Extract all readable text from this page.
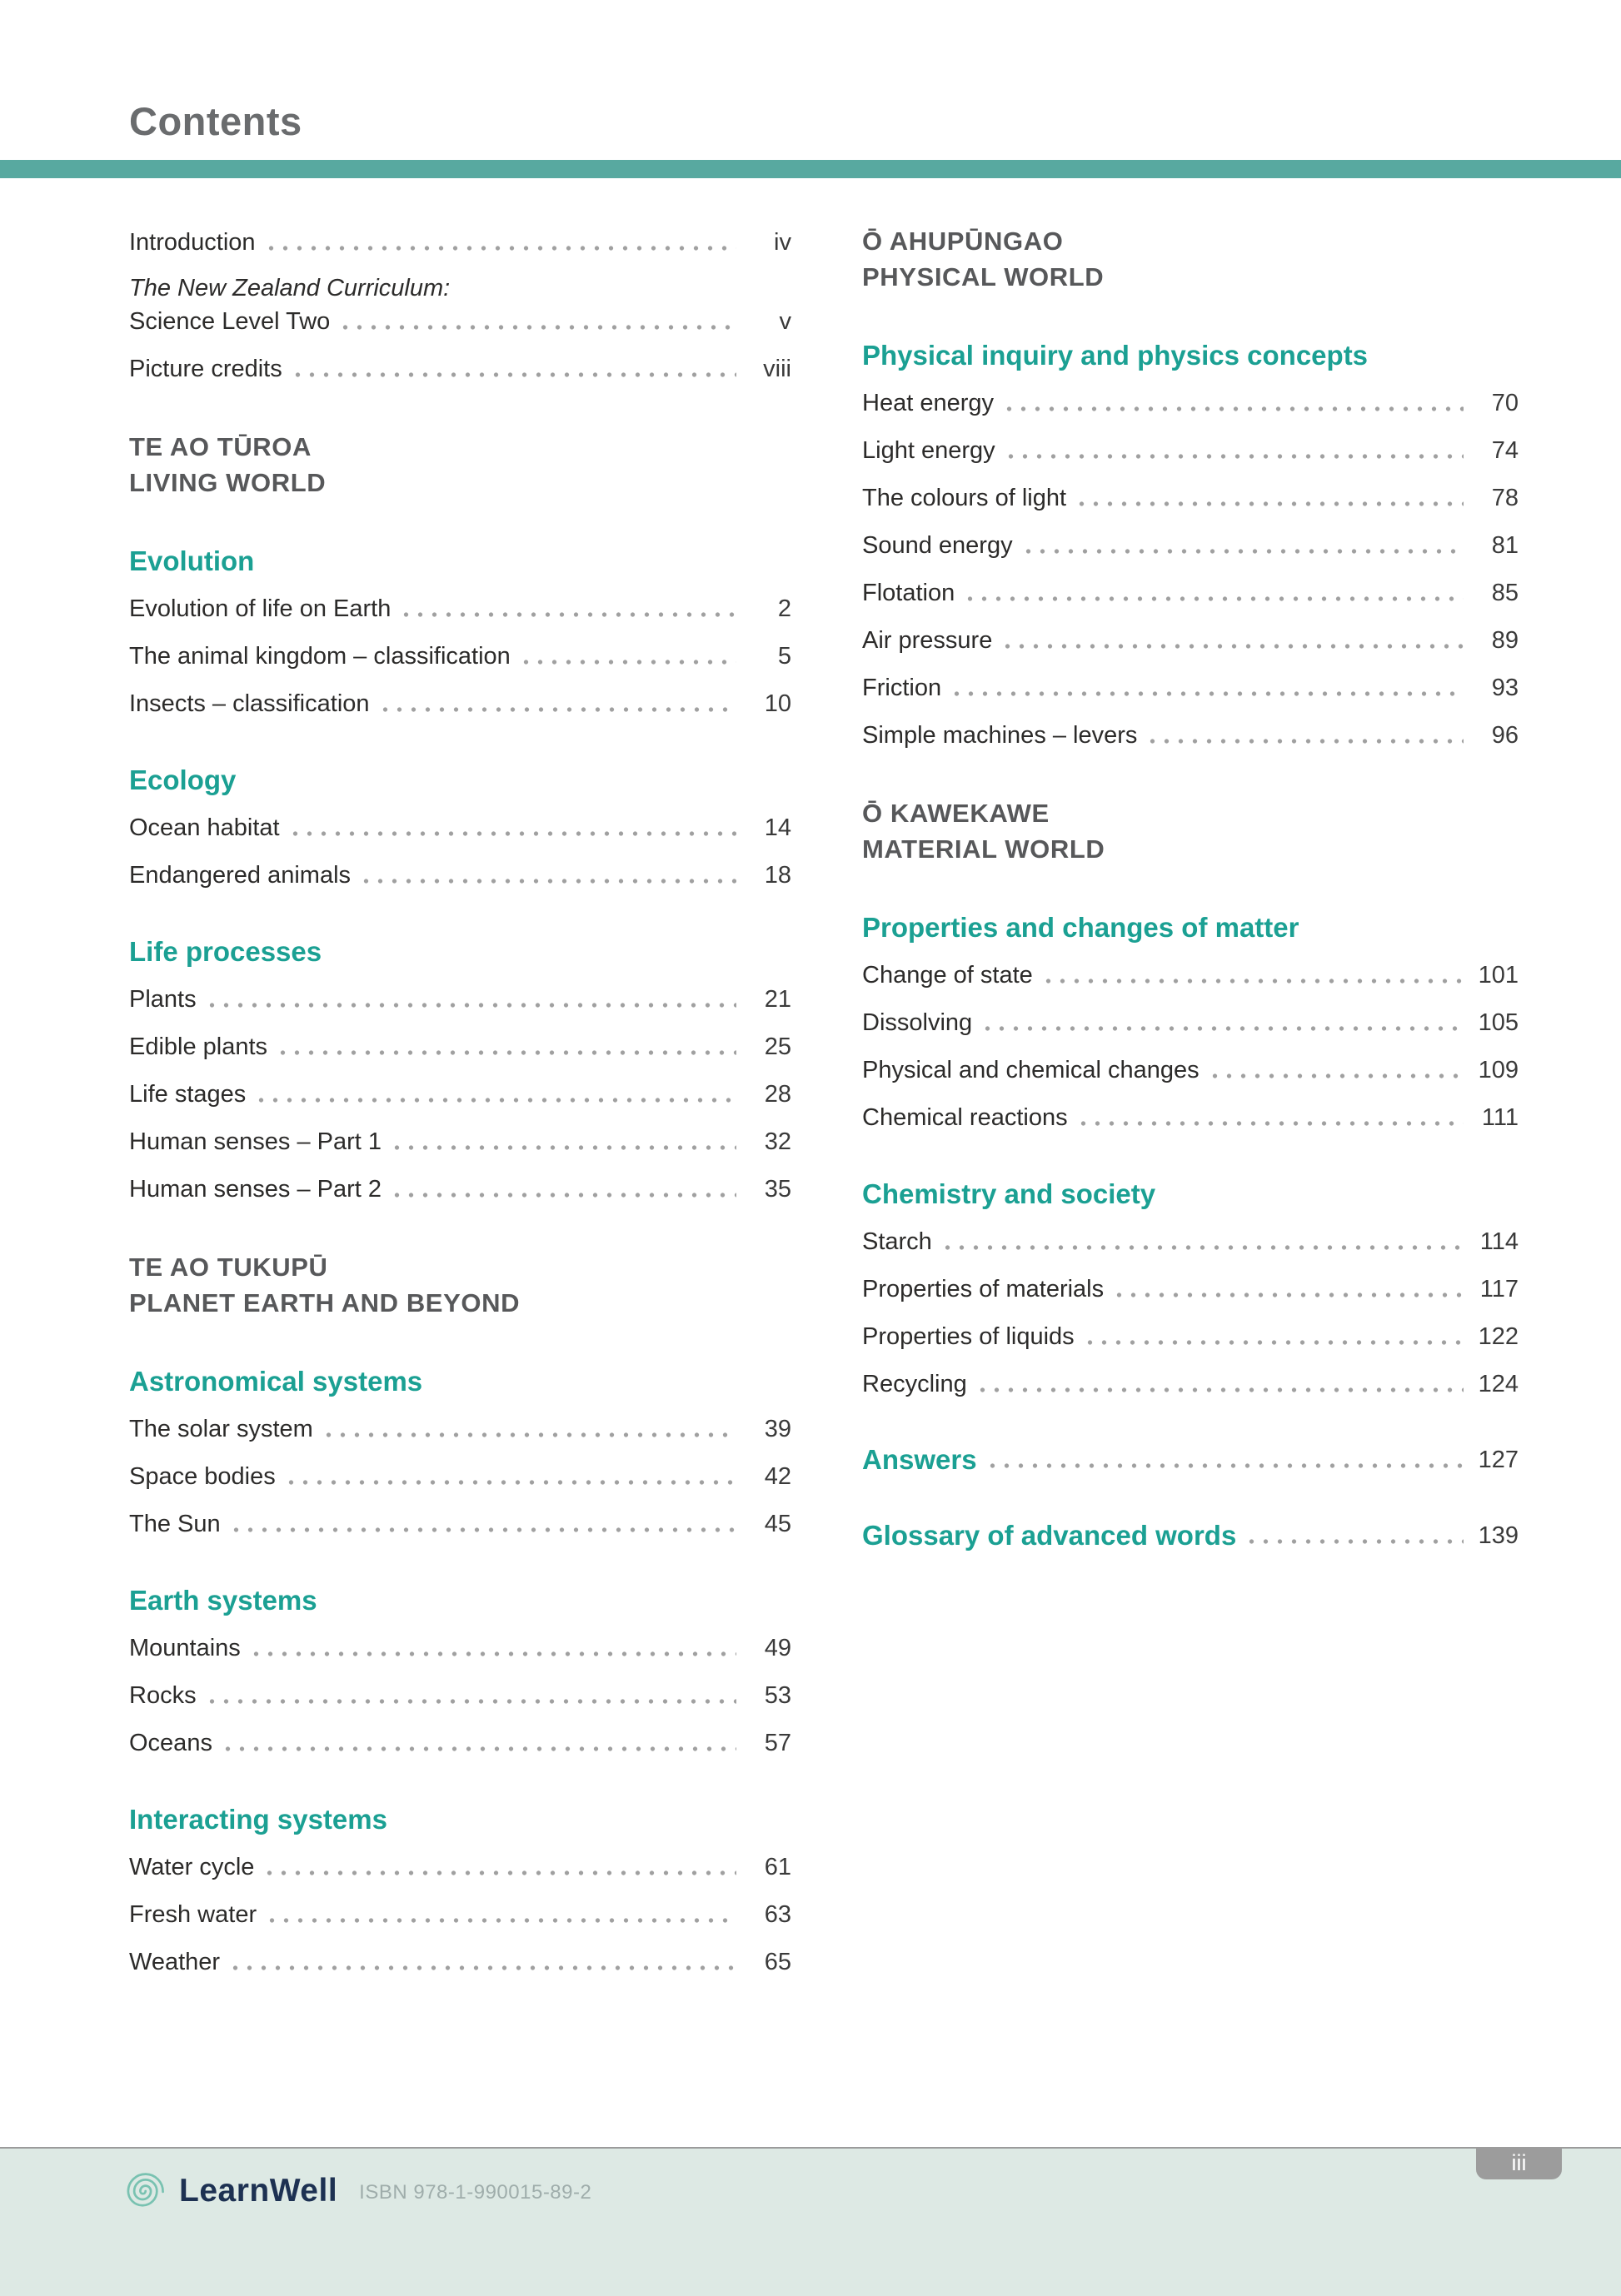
Contents
Introduction	iv
The New Zealand Curriculum:
Science Level Two	v
Picture credits	viii
TE AO TŪROA
LIVING WORLD
Evolution
Evolution of life on Earth	2
The animal kingdom – classification	5
Insects – classification	10
Ecology
Ocean habitat	14
Endangered animals	18
Life processes
Plants	21
Edible plants	25
Life stages	28
Human senses – Part 1	32
Human senses – Part 2	35
TE AO TUKUPŪ
PLANET EARTH AND BEYOND
Astronomical systems
The solar system	39
Space bodies	42
The Sun	45
Earth systems
Mountains	49
Rocks	53
Oceans	57
Interacting systems
Water cycle	61
Fresh water	63
Weather	65
Ō AHUPŪNGAO
PHYSICAL WORLD
Physical inquiry and physics concepts
Heat energy	70
Light energy	74
The colours of light	78
Sound energy	81
Flotation	85
Air pressure	89
Friction	93
Simple machines – levers	96
Ō KAWEKAWE
MATERIAL WORLD
Properties and changes of matter
Change of state	101
Dissolving	105
Physical and chemical changes	109
Chemical reactions	111
Chemistry and society
Starch	114
Properties of materials	117
Properties of liquids	122
Recycling	124
Answers	127
Glossary of advanced words	139
LearnWell ISBN 978-1-990015-89-2
iii
